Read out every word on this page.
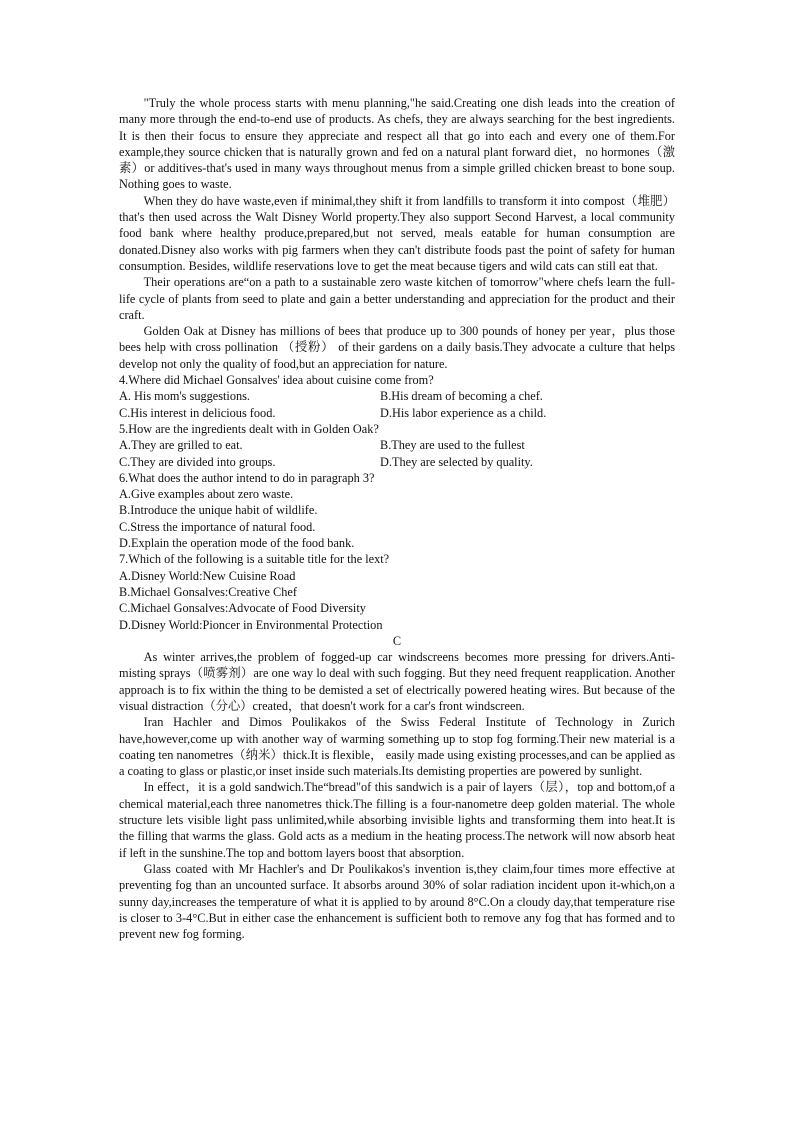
"Truly the whole process starts with menu planning,"he said.Creating one dish leads into the creation of many more through the end-to-end use of products. As chefs, they are always searching for the best ingredients. It is then their focus to ensure they appreciate and respect all that go into each and every one of them.For example,they source chicken that is naturally grown and fed on a natural plant forward diet，no hormones（激素）or additives-that's used in many ways throughout menus from a simple grilled chicken breast to bone soup. Nothing goes to waste.

When they do have waste,even if minimal,they shift it from landfills to transform it into compost（堆肥）that's then used across the Walt Disney World property.They also support Second Harvest, a local community food bank where healthy produce,prepared,but not served, meals eatable for human consumption are donated.Disney also works with pig farmers when they can't distribute foods past the point of safety for human consumption. Besides, wildlife reservations love to get the meat because tigers and wild cats can still eat that.

Their operations are“on a path to a sustainable zero waste kitchen of tomorrow"where chefs learn the full-life cycle of plants from seed to plate and gain a better understanding and appreciation for the product and their craft.

Golden Oak at Disney has millions of bees that produce up to 300 pounds of honey per year，plus those bees help with cross pollination （授粉） of their gardens on a daily basis.They advocate a culture that helps develop not only the quality of food,but an appreciation for nature.

4.Where did Michael Gonsalves' idea about cuisine come from?

A. His mom's suggestions.	B.His dream of becoming a chef.
C.His interest in delicious food.	D.His labor experience as a child.

5.How are the ingredients dealt with in Golden Oak?

A.They are grilled to eat.	B.They are used to the fullest
C.They are divided into groups.	D.They are selected by quality.

6.What does the author intend to do in paragraph 3?

A.Give examples about zero waste.

B.Introduce the unique habit of wildlife.

C.Stress the importance of natural food.

D.Explain the operation mode of the food bank.

7.Which of the following is a suitable title for the lext?

A.Disney World:New Cuisine Road

B.Michael Gonsalves:Creative Chef

C.Michael Gonsalves:Advocate of Food Diversity

D.Disney World:Pioncer in Environmental Protection

C

As winter arrives,the problem of fogged-up car windscreens becomes more pressing for drivers.Anti-misting sprays（喷雾剂）are one way lo deal with such fogging. But they need frequent reapplication. Another approach is to fix within the thing to be demisted a set of electrically powered heating wires. But because of the visual distraction（分心）created，that doesn't work for a car's front windscreen.

Iran Hachler and Dimos Poulikakos of the Swiss Federal Institute of Technology in Zurich have,however,come up with another way of warming something up to stop fog forming.Their new material is a coating ten nanometres（纳米）thick.It is flexible， easily made using existing processes,and can be applied as a coating to glass or plastic,or inset inside such materials.Its demisting properties are powered by sunlight.

In effect，it is a gold sandwich.The“bread"of this sandwich is a pair of layers（层），top and bottom,of a chemical material,each three nanometres thick.The filling is a four-nanometre deep golden material. The whole structure lets visible light pass unlimited,while absorbing invisible lights and transforming them into heat.It is the filling that warms the glass. Gold acts as a medium in the heating process.The network will now absorb heat if left in the sunshine.The top and bottom layers boost that absorption.

Glass coated with Mr Hachler's and Dr Poulikakos's invention is,they claim,four times more effective at preventing fog than an uncounted surface. It absorbs around 30% of solar radiation incident upon it-which,on a sunny day,increases the temperature of what it is applied to by around 8°C.On a cloudy day,that temperature rise is closer to 3-4°C.But in either case the enhancement is sufficient both to remove any fog that has formed and to prevent new fog forming.
